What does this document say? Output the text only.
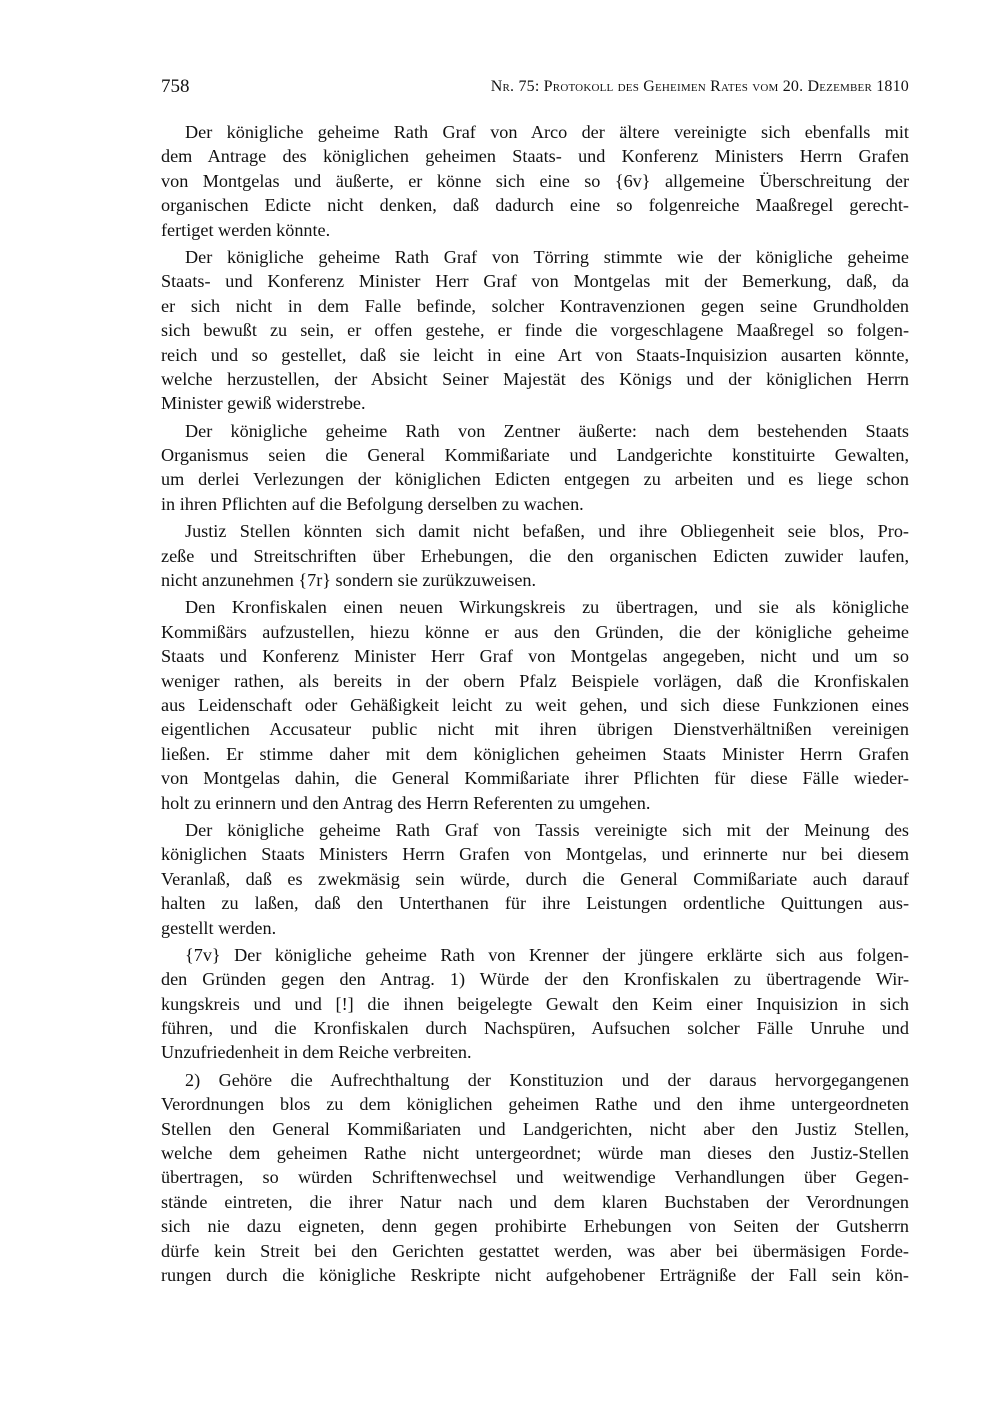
758	Nr. 75: Protokoll des Geheimen Rates vom 20. Dezember 1810
Der königliche geheime Rath Graf von Arco der ältere vereinigte sich ebenfalls mit
dem Antrage des königlichen geheimen Staats- und Konferenz Ministers Herrn Grafen
von Montgelas und äußerte, er könne sich eine so {6v} allgemeine Überschreitung der
organischen Edicte nicht denken, daß dadurch eine so folgenreiche Maaßregel gerecht-
fertiget werden könnte.
Der königliche geheime Rath Graf von Törring stimmte wie der königliche geheime
Staats- und Konferenz Minister Herr Graf von Montgelas mit der Bemerkung, daß, da
er sich nicht in dem Falle befinde, solcher Kontravenzionen gegen seine Grundholden
sich bewußt zu sein, er offen gestehe, er finde die vorgeschlagene Maaßregel so folgen-
reich und so gestellet, daß sie leicht in eine Art von Staats-Inquisizion ausarten könnte,
welche herzustellen, der Absicht Seiner Majestät des Königs und der königlichen Herrn
Minister gewiß widerstrebe.
Der königliche geheime Rath von Zentner äußerte: nach dem bestehenden Staats
Organismus seien die General Kommißariate und Landgerichte konstituirte Gewalten,
um derlei Verlezungen der königlichen Edicten entgegen zu arbeiten und es liege schon
in ihren Pflichten auf die Befolgung derselben zu wachen.
Justiz Stellen könnten sich damit nicht befaßen, und ihre Obliegenheit seie blos, Pro-
zeße und Streitschriften über Erhebungen, die den organischen Edicten zuwider laufen,
nicht anzunehmen {7r} sondern sie zurükzuweisen.
Den Kronfiskalen einen neuen Wirkungskreis zu übertragen, und sie als königliche
Kommißärs aufzustellen, hiezu könne er aus den Gründen, die der königliche geheime
Staats und Konferenz Minister Herr Graf von Montgelas angegeben, nicht und um so
weniger rathen, als bereits in der obern Pfalz Beispiele vorlägen, daß die Kronfiskalen
aus Leidenschaft oder Gehäßigkeit leicht zu weit gehen, und sich diese Funkzionen eines
eigentlichen Accusateur public nicht mit ihren übrigen Dienstverhältnißen vereinigen
ließen. Er stimme daher mit dem königlichen geheimen Staats Minister Herrn Grafen
von Montgelas dahin, die General Kommißariate ihrer Pflichten für diese Fälle wieder-
holt zu erinnern und den Antrag des Herrn Referenten zu umgehen.
Der königliche geheime Rath Graf von Tassis vereinigte sich mit der Meinung des
königlichen Staats Ministers Herrn Grafen von Montgelas, und erinnerte nur bei diesem
Veranlaß, daß es zwekmäsig sein würde, durch die General Commißariate auch darauf
halten zu laßen, daß den Unterthanen für ihre Leistungen ordentliche Quittungen aus-
gestellt werden.
{7v} Der königliche geheime Rath von Krenner der jüngere erklärte sich aus folgen-
den Gründen gegen den Antrag. 1) Würde der den Kronfiskalen zu übertragende Wir-
kungskreis und und [!] die ihnen beigelegte Gewalt den Keim einer Inquisizion in sich
führen, und die Kronfiskalen durch Nachspüren, Aufsuchen solcher Fälle Unruhe und
Unzufriedenheit in dem Reiche verbreiten.
2) Gehöre die Aufrechthaltung der Konstituzion und der daraus hervorgegangenen
Verordnungen blos zu dem königlichen geheimen Rathe und den ihme untergeordneten
Stellen den General Kommißariaten und Landgerichten, nicht aber den Justiz Stellen,
welche dem geheimen Rathe nicht untergeordnet; würde man dieses den Justiz-Stellen
übertragen, so würden Schriftenwechsel und weitwendige Verhandlungen über Gegen-
stände eintreten, die ihrer Natur nach und dem klaren Buchstaben der Verordnungen
sich nie dazu eigneten, denn gegen prohibirte Erhebungen von Seiten der Gutsherrn
dürfe kein Streit bei den Gerichten gestattet werden, was aber bei übermäsigen Forde-
rungen durch die königliche Reskripte nicht aufgehobener Erträgniße der Fall sein kön-
